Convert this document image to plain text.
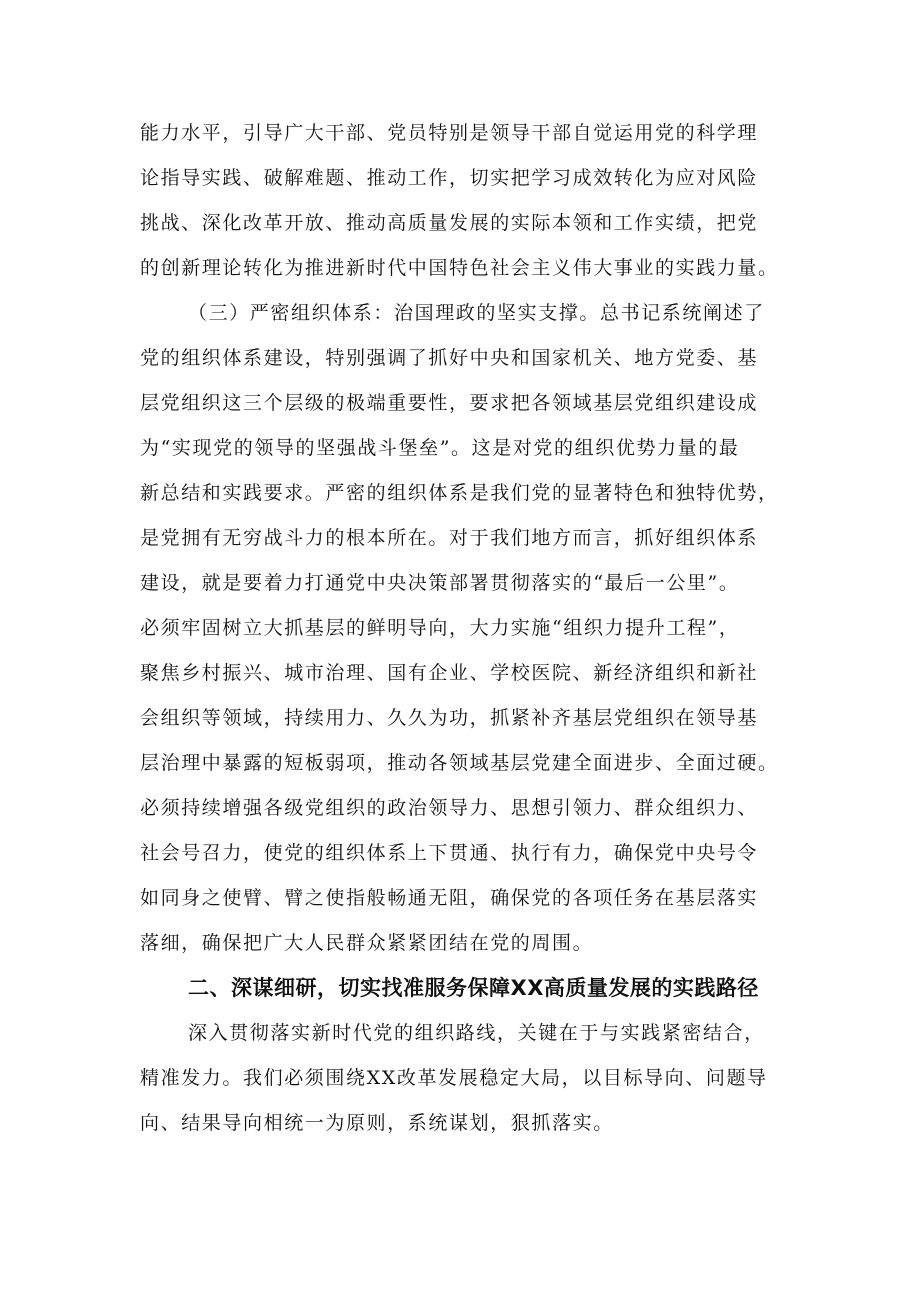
能力水平，引导广大干部、党员特别是领导干部自觉运用党的科学理
论指导实践、破解难题、推动工作，切实把学习成效转化为应对风险
挑战、深化改革开放、推动高质量发展的实际本领和工作实绩，把党
的创新理论转化为推进新时代中国特色社会主义伟大事业的实践力量。
（三）严密组织体系：治国理政的坚实支撑。总书记系统阐述了
党的组织体系建设，特别强调了抓好中央和国家机关、地方党委、基
层党组织这三个层级的极端重要性，要求把各领域基层党组织建设成
为“实现党的领导的坚强战斗堡垒”。这是对党的组织优势力量的最
新总结和实践要求。严密的组织体系是我们党的显著特色和独特优势，
是党拥有无穷战斗力的根本所在。对于我们地方而言，抓好组织体系
建设，就是要着力打通党中央决策部署贯彻落实的“最后一公里”。
必须牢固树立大抓基层的鲜明导向，大力实施“组织力提升工程”，
聚焦乡村振兴、城市治理、国有企业、学校医院、新经济组织和新社
会组织等领域，持续用力、久久为功，抓紧补齐基层党组织在领导基
层治理中暴露的短板弱项，推动各领域基层党建全面进步、全面过硬。
必须持续增强各级党组织的政治领导力、思想引领力、群众组织力、
社会号召力，使党的组织体系上下贯通、执行有力，确保党中央号令
如同身之使臂、臂之使指般畅通无阻，确保党的各项任务在基层落实
落细，确保把广大人民群众紧紧团结在党的周围。
二、深谋细研，切实找准服务保障XX高质量发展的实践路径
深入贯彻落实新时代党的组织路线，关键在于与实践紧密结合，
精准发力。我们必须围绕XX改革发展稳定大局，以目标导向、问题导
向、结果导向相统一为原则，系统谋划，狠抓落实。
